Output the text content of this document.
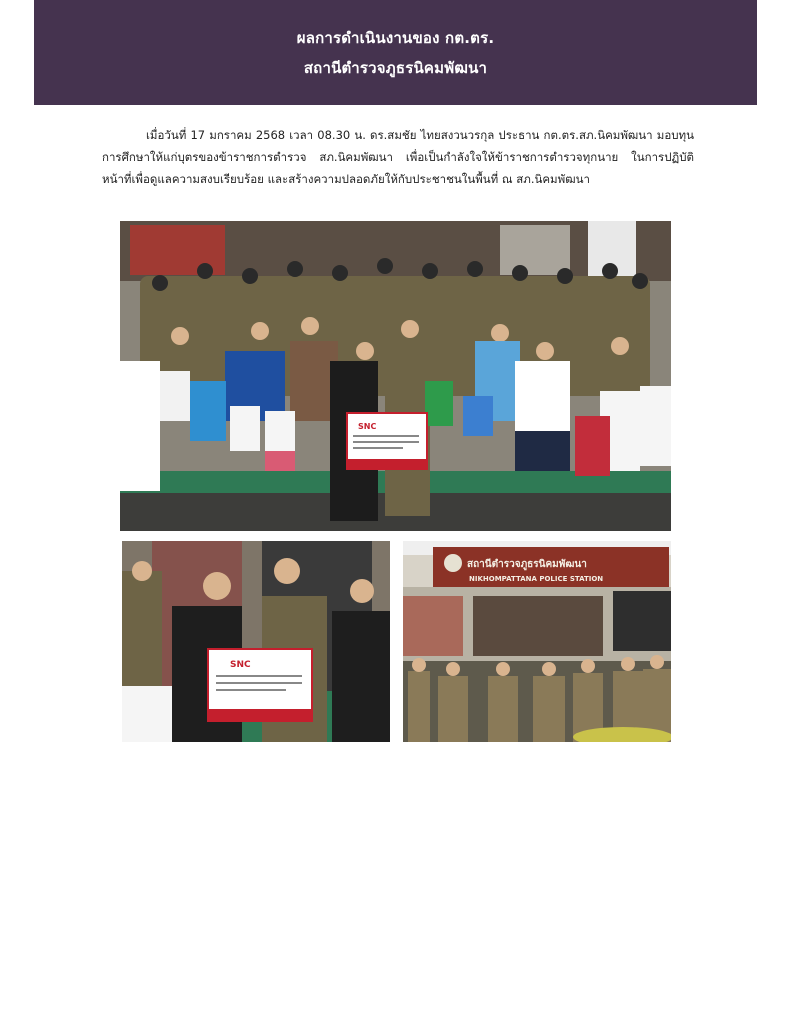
ผลการดำเนินงานของ กต.ตร.
สถานีตำรวจภูธรนิคมพัฒนา

เมื่อวันที่ 17 มกราคม 2568 เวลา 08.30 น. ดร.สมชัย ไทยสงวนวรกุล ประธาน กต.ตร.สภ.นิคมพัฒนา มอบทุนการศึกษาให้แก่บุตรของข้าราชการตำรวจ สภ.นิคมพัฒนา เพื่อเป็นกำลังใจให้ข้าราชการตำรวจทุกนาย ในการปฏิบัติหน้าที่เพื่อดูแลความสงบเรียบร้อย และสร้างความปลอดภัยให้กับประชาชนในพื้นที่ ณ สภ.นิคมพัฒนา

SNC
SNC
สถานีตำรวจภูธรนิคมพัฒนา
NIKHOMPATTANA POLICE STATION
